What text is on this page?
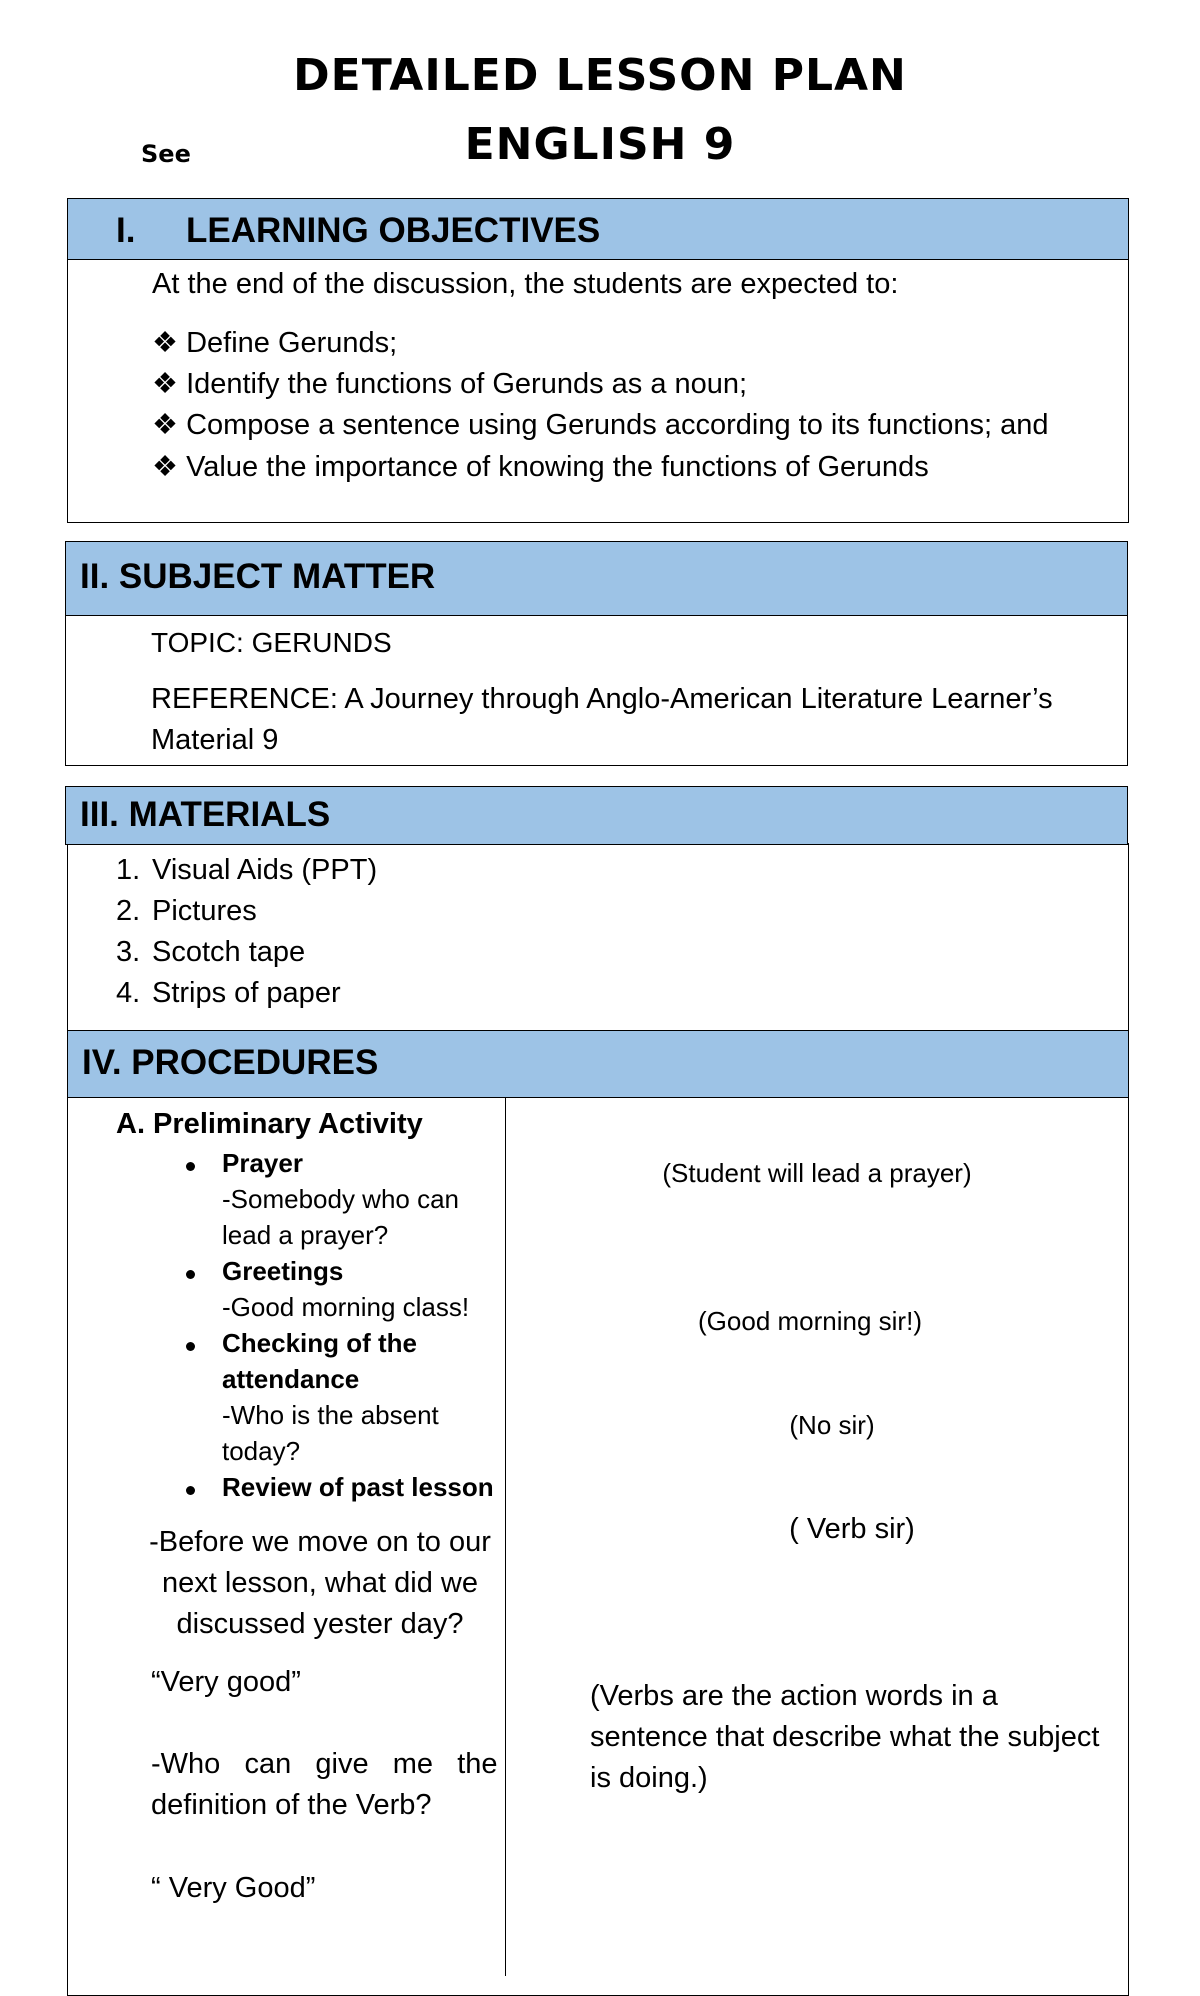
DETAILED LESSON PLAN
See	ENGLISH 9
I. LEARNING OBJECTIVES
At the end of the discussion, the students are expected to:
❖ Define Gerunds;
❖ Identify the functions of Gerunds as a noun;
❖ Compose a sentence using Gerunds according to its functions; and
❖ Value the importance of knowing the functions of Gerunds
II. SUBJECT MATTER
TOPIC: GERUNDS
REFERENCE: A Journey through Anglo-American Literature Learner’s
Material 9
III. MATERIALS
1. Visual Aids (PPT)
2. Pictures
3. Scotch tape
4. Strips of paper
IV. PROCEDURES
A. Preliminary Activity
Prayer
-Somebody who can
lead a prayer?
Greetings
-Good morning class!
Checking of the
attendance
-Who is the absent
today?
Review of past lesson
-Before we move on to our
next lesson, what did we
discussed yester day?
“Very good”
-Who   can   give   me   the
definition of the Verb?
“ Very Good”
(Student will lead a prayer)
(Good morning sir!)
(No sir)
( Verb sir)
(Verbs are the action words in a
sentence that describe what the subject
is doing.)
